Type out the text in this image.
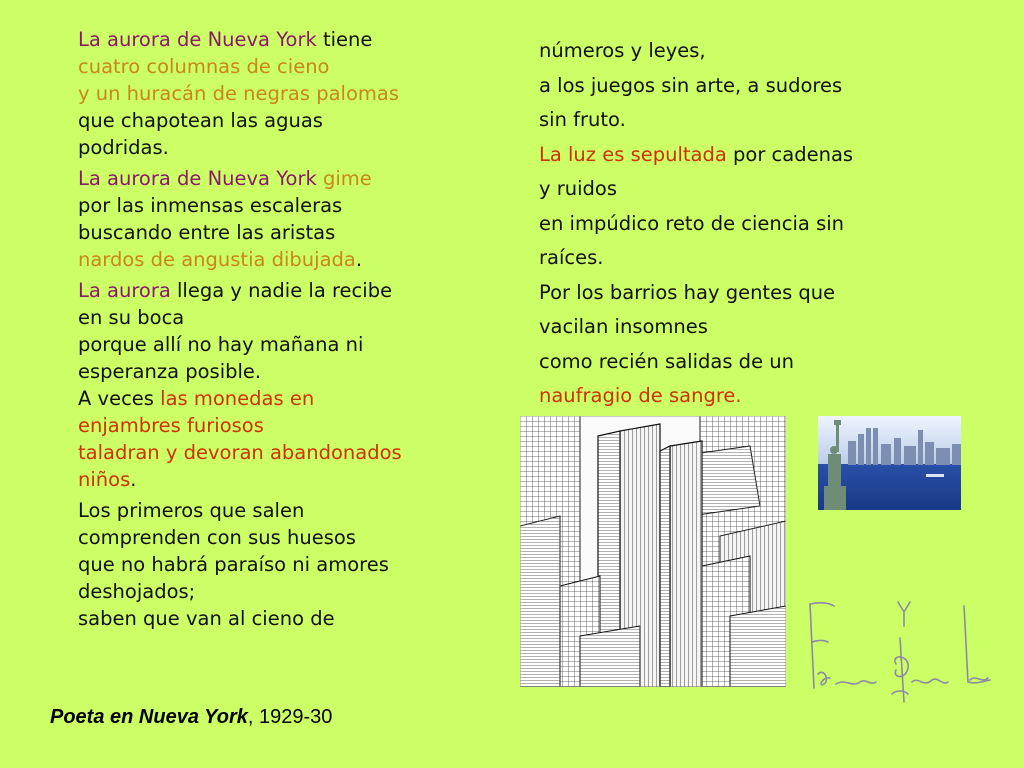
La aurora de Nueva York tiene
cuatro columnas de cieno
y un huracán de negras palomas
que chapotean las aguas
podridas.
La aurora de Nueva York gime
por las inmensas escaleras
buscando entre las aristas
nardos de angustia dibujada.
La aurora llega y nadie la recibe
en su boca
porque allí no hay mañana ni
esperanza posible.
A veces las monedas en
enjambres furiosos
taladran y devoran abandonados
niños.
Los primeros que salen
comprenden con sus huesos
que no habrá paraíso ni amores
deshojados;
saben que van al cieno de
números y leyes,
a los juegos sin arte, a sudores
sin fruto.
La luz es sepultada por cadenas
y ruidos
en impúdico reto de ciencia sin
raíces.
Por los barrios hay gentes que
vacilan insomnes
como recién salidas de un
naufragio de sangre.
Poeta en Nueva York, 1929-30
